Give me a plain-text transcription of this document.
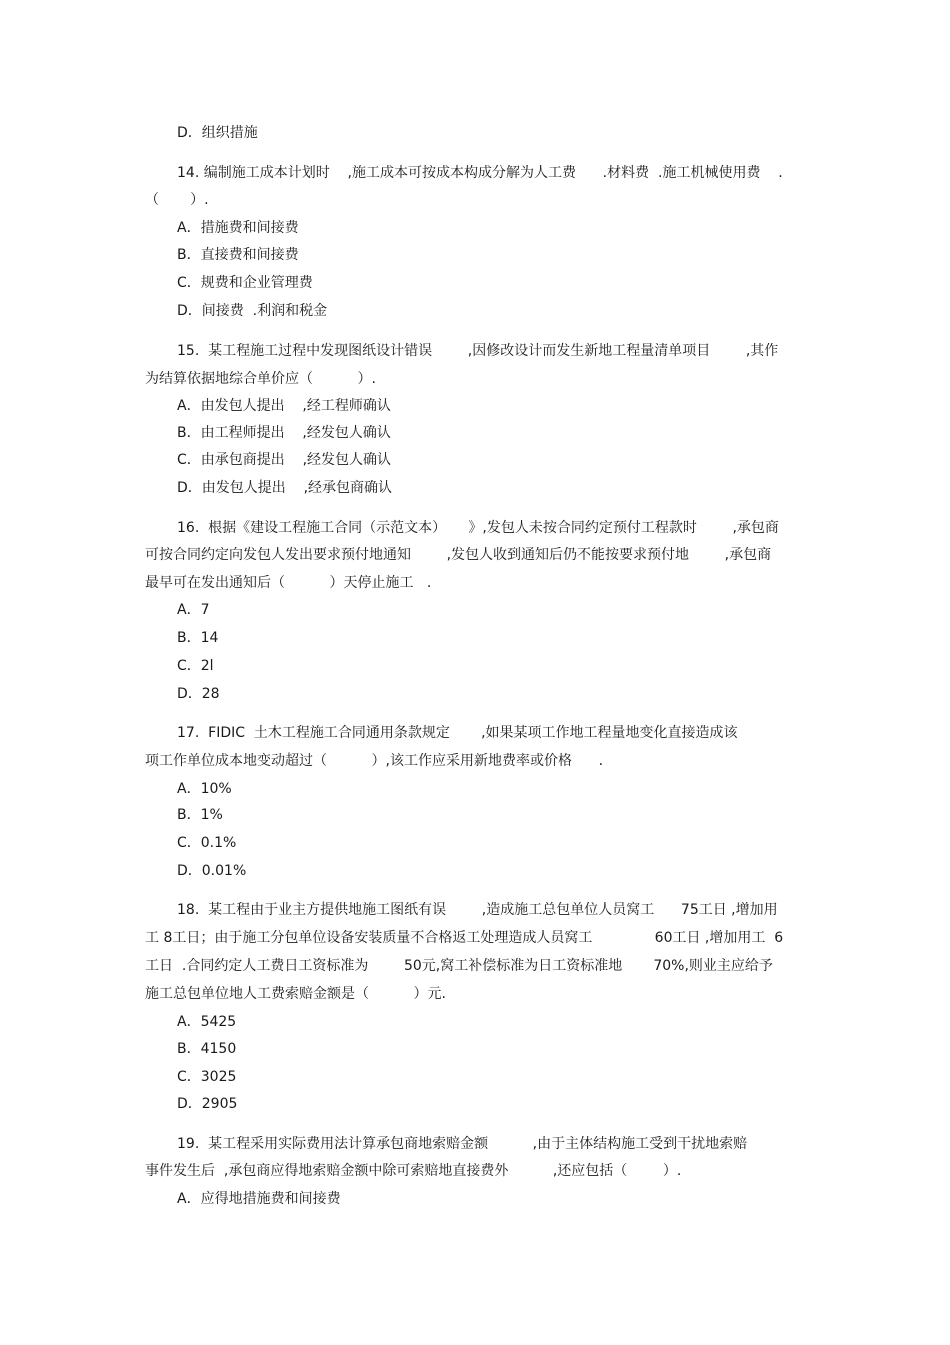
D．组织措施
14. 编制施工成本计划时    ,施工成本可按成本构成分解为人工费      .材料费  .施工机械使用费    .
（       ）.
A．措施费和间接费
B．直接费和间接费
C．规费和企业管理费
D．间接费  .利润和税金
15.  某工程施工过程中发现图纸设计错误        ,因修改设计而发生新地工程量清单项目        ,其作
为结算依据地综合单价应（          ）.
A．由发包人提出    ,经工程师确认
B．由工程师提出    ,经发包人确认
C．由承包商提出    ,经发包人确认
D．由发包人提出    ,经承包商确认
16.  根据《建设工程施工合同（示范文本）     》,发包人未按合同约定预付工程款时        ,承包商
可按合同约定向发包人发出要求预付地通知        ,发包人收到通知后仍不能按要求预付地        ,承包商
最早可在发出通知后（          ）天停止施工   .
A．7
B．14
C．2l
D．28
17.  FIDIC  土木工程施工合同通用条款规定       ,如果某项工作地工程量地变化直接造成该
项工作单位成本地变动超过（          ）,该工作应采用新地费率或价格      .
A．10%
B．1%
C．0.1%
D．0.01%
18.  某工程由于业主方提供地施工图纸有误        ,造成施工总包单位人员窝工      75工日 ,增加用
工 8工日；由于施工分包单位设备安装质量不合格返工处理造成人员窝工              60工日 ,增加用工  6
工日  .合同约定人工费日工资标准为        50元,窝工补偿标准为日工资标准地       70%,则业主应给予
施工总包单位地人工费索赔金额是（          ）元.
A．5425
B．4150
C．3025
D．2905
19.  某工程采用实际费用法计算承包商地索赔金额          ,由于主体结构施工受到干扰地索赔
事件发生后  ,承包商应得地索赔金额中除可索赔地直接费外          ,还应包括（        ）.
A．应得地措施费和间接费
